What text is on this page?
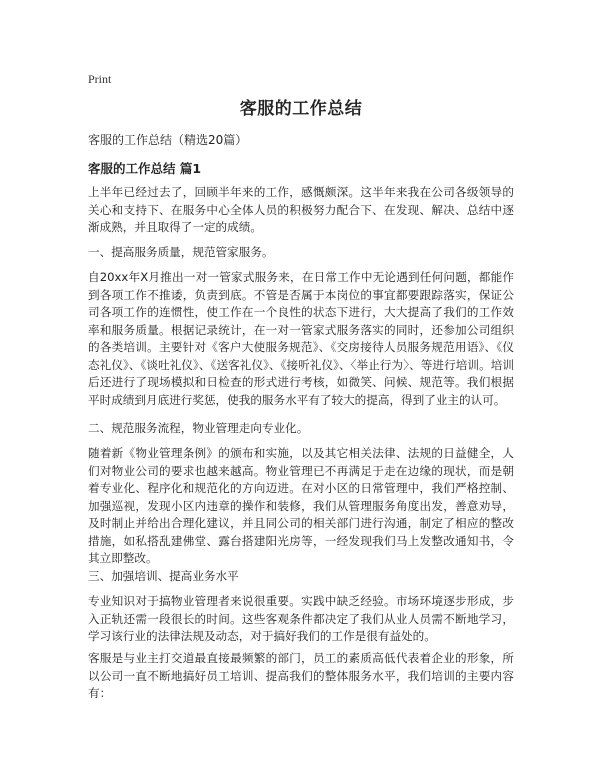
Print
客服的工作总结

客服的工作总结（精选20篇）

客服的工作总结 篇1

上半年已经过去了，回顾半年来的工作，感慨颇深。这半年来我在公司各级领导的关心和支持下、在服务中心全体人员的积极努力配合下、在发现、解决、总结中逐渐成熟，并且取得了一定的成绩。

一、提高服务质量，规范管家服务。

自20xx年X月推出一对一管家式服务来，在日常工作中无论遇到任何问题，都能作到各项工作不推诿，负责到底。不管是否属于本岗位的事宜都要跟踪落实，保证公司各项工作的连惯性，使工作在一个良性的状态下进行，大大提高了我们的工作效率和服务质量。根据记录统计，在一对一管家式服务落实的同时，还参加公司组织的各类培训。主要针对《客户大使服务规范》、《交房接待人员服务规范用语》、《仪态礼仪》、《谈吐礼仪》、《送客礼仪》、《接听礼仪》、〈举止行为〉、等进行培训。培训后还进行了现场模拟和日检查的形式进行考核，如微笑、问候、规范等。我们根据平时成绩到月底进行奖惩，使我的服务水平有了较大的提高，得到了业主的认可。

二、规范服务流程，物业管理走向专业化。

随着新《物业管理条例》的颁布和实施，以及其它相关法律、法规的日益健全，人们对物业公司的要求也越来越高。物业管理已不再满足于走在边缘的现状，而是朝着专业化、程序化和规范化的方向迈进。在对小区的日常管理中，我们严格控制、加强巡视，发现小区内违章的操作和装修，我们从管理服务角度出发，善意劝导，及时制止并给出合理化建议，并且同公司的相关部门进行沟通，制定了相应的整改措施，如私搭乱建佛堂、露台搭建阳光房等，一经发现我们马上发整改通知书，令其立即整改。

三、加强培训、提高业务水平

专业知识对于搞物业管理者来说很重要。实践中缺乏经验。市场环境逐步形成，步入正轨还需一段很长的时间。这些客观条件都决定了我们从业人员需不断地学习，学习该行业的法律法规及动态，对于搞好我们的工作是很有益处的。

客服是与业主打交道最直接最频繁的部门，员工的素质高低代表着企业的形象，所以公司一直不断地搞好员工培训、提高我们的整体服务水平，我们培训的主要内容有：
